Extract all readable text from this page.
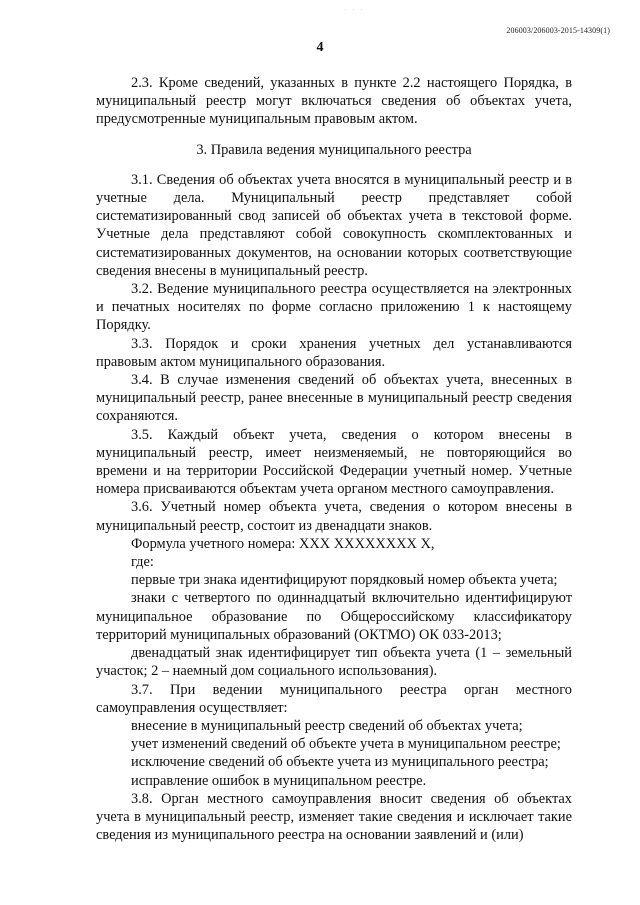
· · ·
206003/206003-2015-14309(1)
4

2.3. Кроме сведений, указанных в пункте 2.2 настоящего Порядка, в муниципальный реестр могут включаться сведения об объектах учета, предусмотренные муниципальным правовым актом.

3. Правила ведения муниципального реестра

3.1. Сведения об объектах учета вносятся в муниципальный реестр и в учетные дела. Муниципальный реестр представляет собой систематизированный свод записей об объектах учета в текстовой форме. Учетные дела представляют собой совокупность скомплектованных и систематизированных документов, на основании которых соответствующие сведения внесены в муниципальный реестр.

3.2. Ведение муниципального реестра осуществляется на электронных и печатных носителях по форме согласно приложению 1 к настоящему Порядку.

3.3. Порядок и сроки хранения учетных дел устанавливаются правовым актом муниципального образования.

3.4. В случае изменения сведений об объектах учета, внесенных в муниципальный реестр, ранее внесенные в муниципальный реестр сведения сохраняются.

3.5. Каждый объект учета, сведения о котором внесены в муниципальный реестр, имеет неизменяемый, не повторяющийся во времени и на территории Российской Федерации учетный номер. Учетные номера присваиваются объектам учета органом местного самоуправления.

3.6. Учетный номер объекта учета, сведения о котором внесены в муниципальный реестр, состоит из двенадцати знаков.

Формула учетного номера: ХХХ ХХХХХХХХ Х,

где:

первые три знака идентифицируют порядковый номер объекта учета;

знаки с четвертого по одиннадцатый включительно идентифицируют муниципальное образование по Общероссийскому классификатору территорий муниципальных образований (ОКТМО) ОК 033-2013;

двенадцатый знак идентифицирует тип объекта учета (1 – земельный участок; 2 – наемный дом социального использования).

3.7. При ведении муниципального реестра орган местного самоуправления осуществляет:

внесение в муниципальный реестр сведений об объектах учета;

учет изменений сведений об объекте учета в муниципальном реестре;

исключение сведений об объекте учета из муниципального реестра;

исправление ошибок в муниципальном реестре.

3.8. Орган местного самоуправления вносит сведения об объектах учета в муниципальный реестр, изменяет такие сведения и исключает такие сведения из муниципального реестра на основании заявлений и (или)
